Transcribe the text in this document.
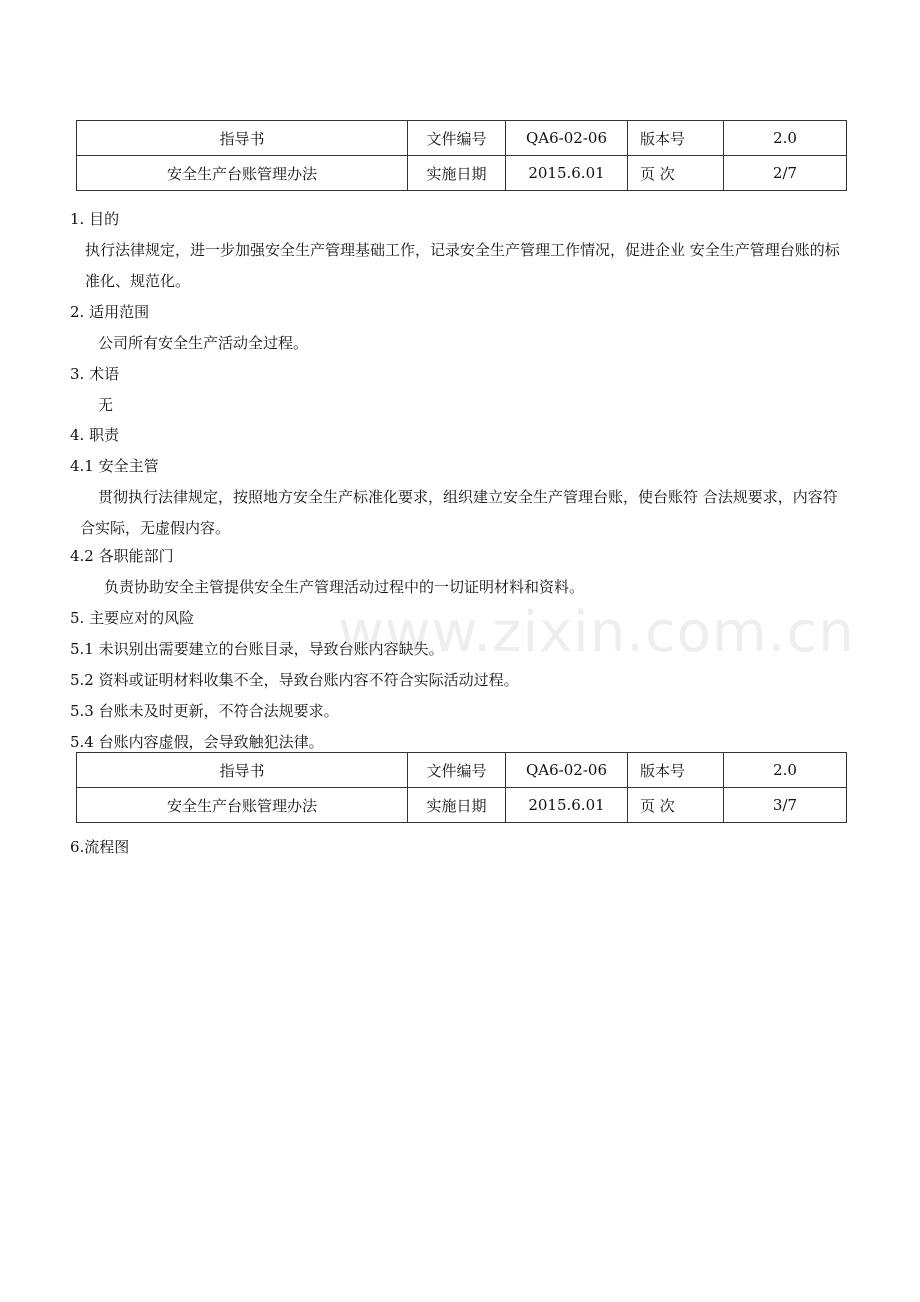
指导书	文件编号	QA6-02-06	版本号	2.0
安全生产台账管理办法	实施日期	2015.6.01	页 次	2/7
1. 目的
执行法律规定，进一步加强安全生产管理基础工作，记录安全生产管理工作情况，促进企业 安全生产管理台账的标准化、规范化。
2. 适用范围
公司所有安全生产活动全过程。
3. 术语
无
4. 职责
4.1 安全主管
贯彻执行法律规定，按照地方安全生产标准化要求，组织建立安全生产管理台账，使台账符 合法规要求，内容符合实际，无虚假内容。
4.2 各职能部门
负责协助安全主管提供安全生产管理活动过程中的一切证明材料和资料。
5. 主要应对的风险
5.1 未识别出需要建立的台账目录，导致台账内容缺失。
5.2 资料或证明材料收集不全，导致台账内容不符合实际活动过程。
5.3 台账未及时更新，不符合法规要求。
5.4 台账内容虚假，会导致触犯法律。
指导书	文件编号	QA6-02-06	版本号	2.0
安全生产台账管理办法	实施日期	2015.6.01	页 次	3/7
6.流程图
www.zixin.com.cn
